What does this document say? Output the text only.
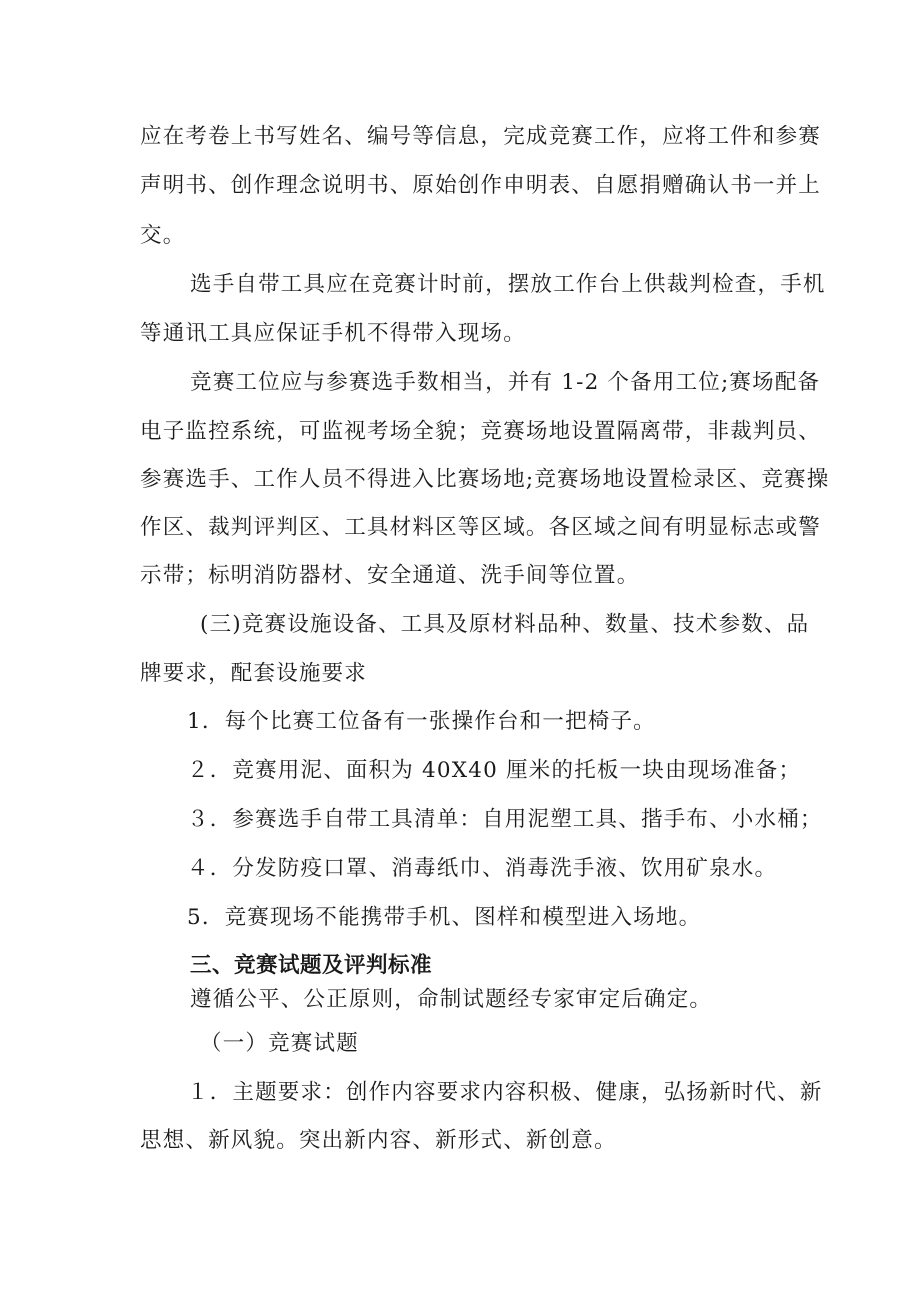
应在考卷上书写姓名、编号等信息，完成竞赛工作，应将工件和参赛
声明书、创作理念说明书、原始创作申明表、自愿捐赠确认书一并上
交。
选手自带工具应在竞赛计时前，摆放工作台上供裁判检查，手机
等通讯工具应保证手机不得带入现场。
竞赛工位应与参赛选手数相当，并有 1-2 个备用工位;赛场配备
电子监控系统，可监视考场全貌；竞赛场地设置隔离带，非裁判员、
参赛选手、工作人员不得进入比赛场地;竞赛场地设置检录区、竞赛操
作区、裁判评判区、工具材料区等区域。各区域之间有明显标志或警
示带；标明消防器材、安全通道、洗手间等位置。
(三)竞赛设施设备、工具及原材料品种、数量、技术参数、品
牌要求，配套设施要求
1．每个比赛工位备有一张操作台和一把椅子。
２．竞赛用泥、面积为 40X40 厘米的托板一块由现场准备；
３．参赛选手自带工具清单：自用泥塑工具、揩手布、小水桶；
４．分发防疫口罩、消毒纸巾、消毒洗手液、饮用矿泉水。
5．竞赛现场不能携带手机、图样和模型进入场地。
三、竞赛试题及评判标准
遵循公平、公正原则，命制试题经专家审定后确定。
（一）竞赛试题
１．主题要求：创作内容要求内容积极、健康，弘扬新时代、新
思想、新风貌。突出新内容、新形式、新创意。
